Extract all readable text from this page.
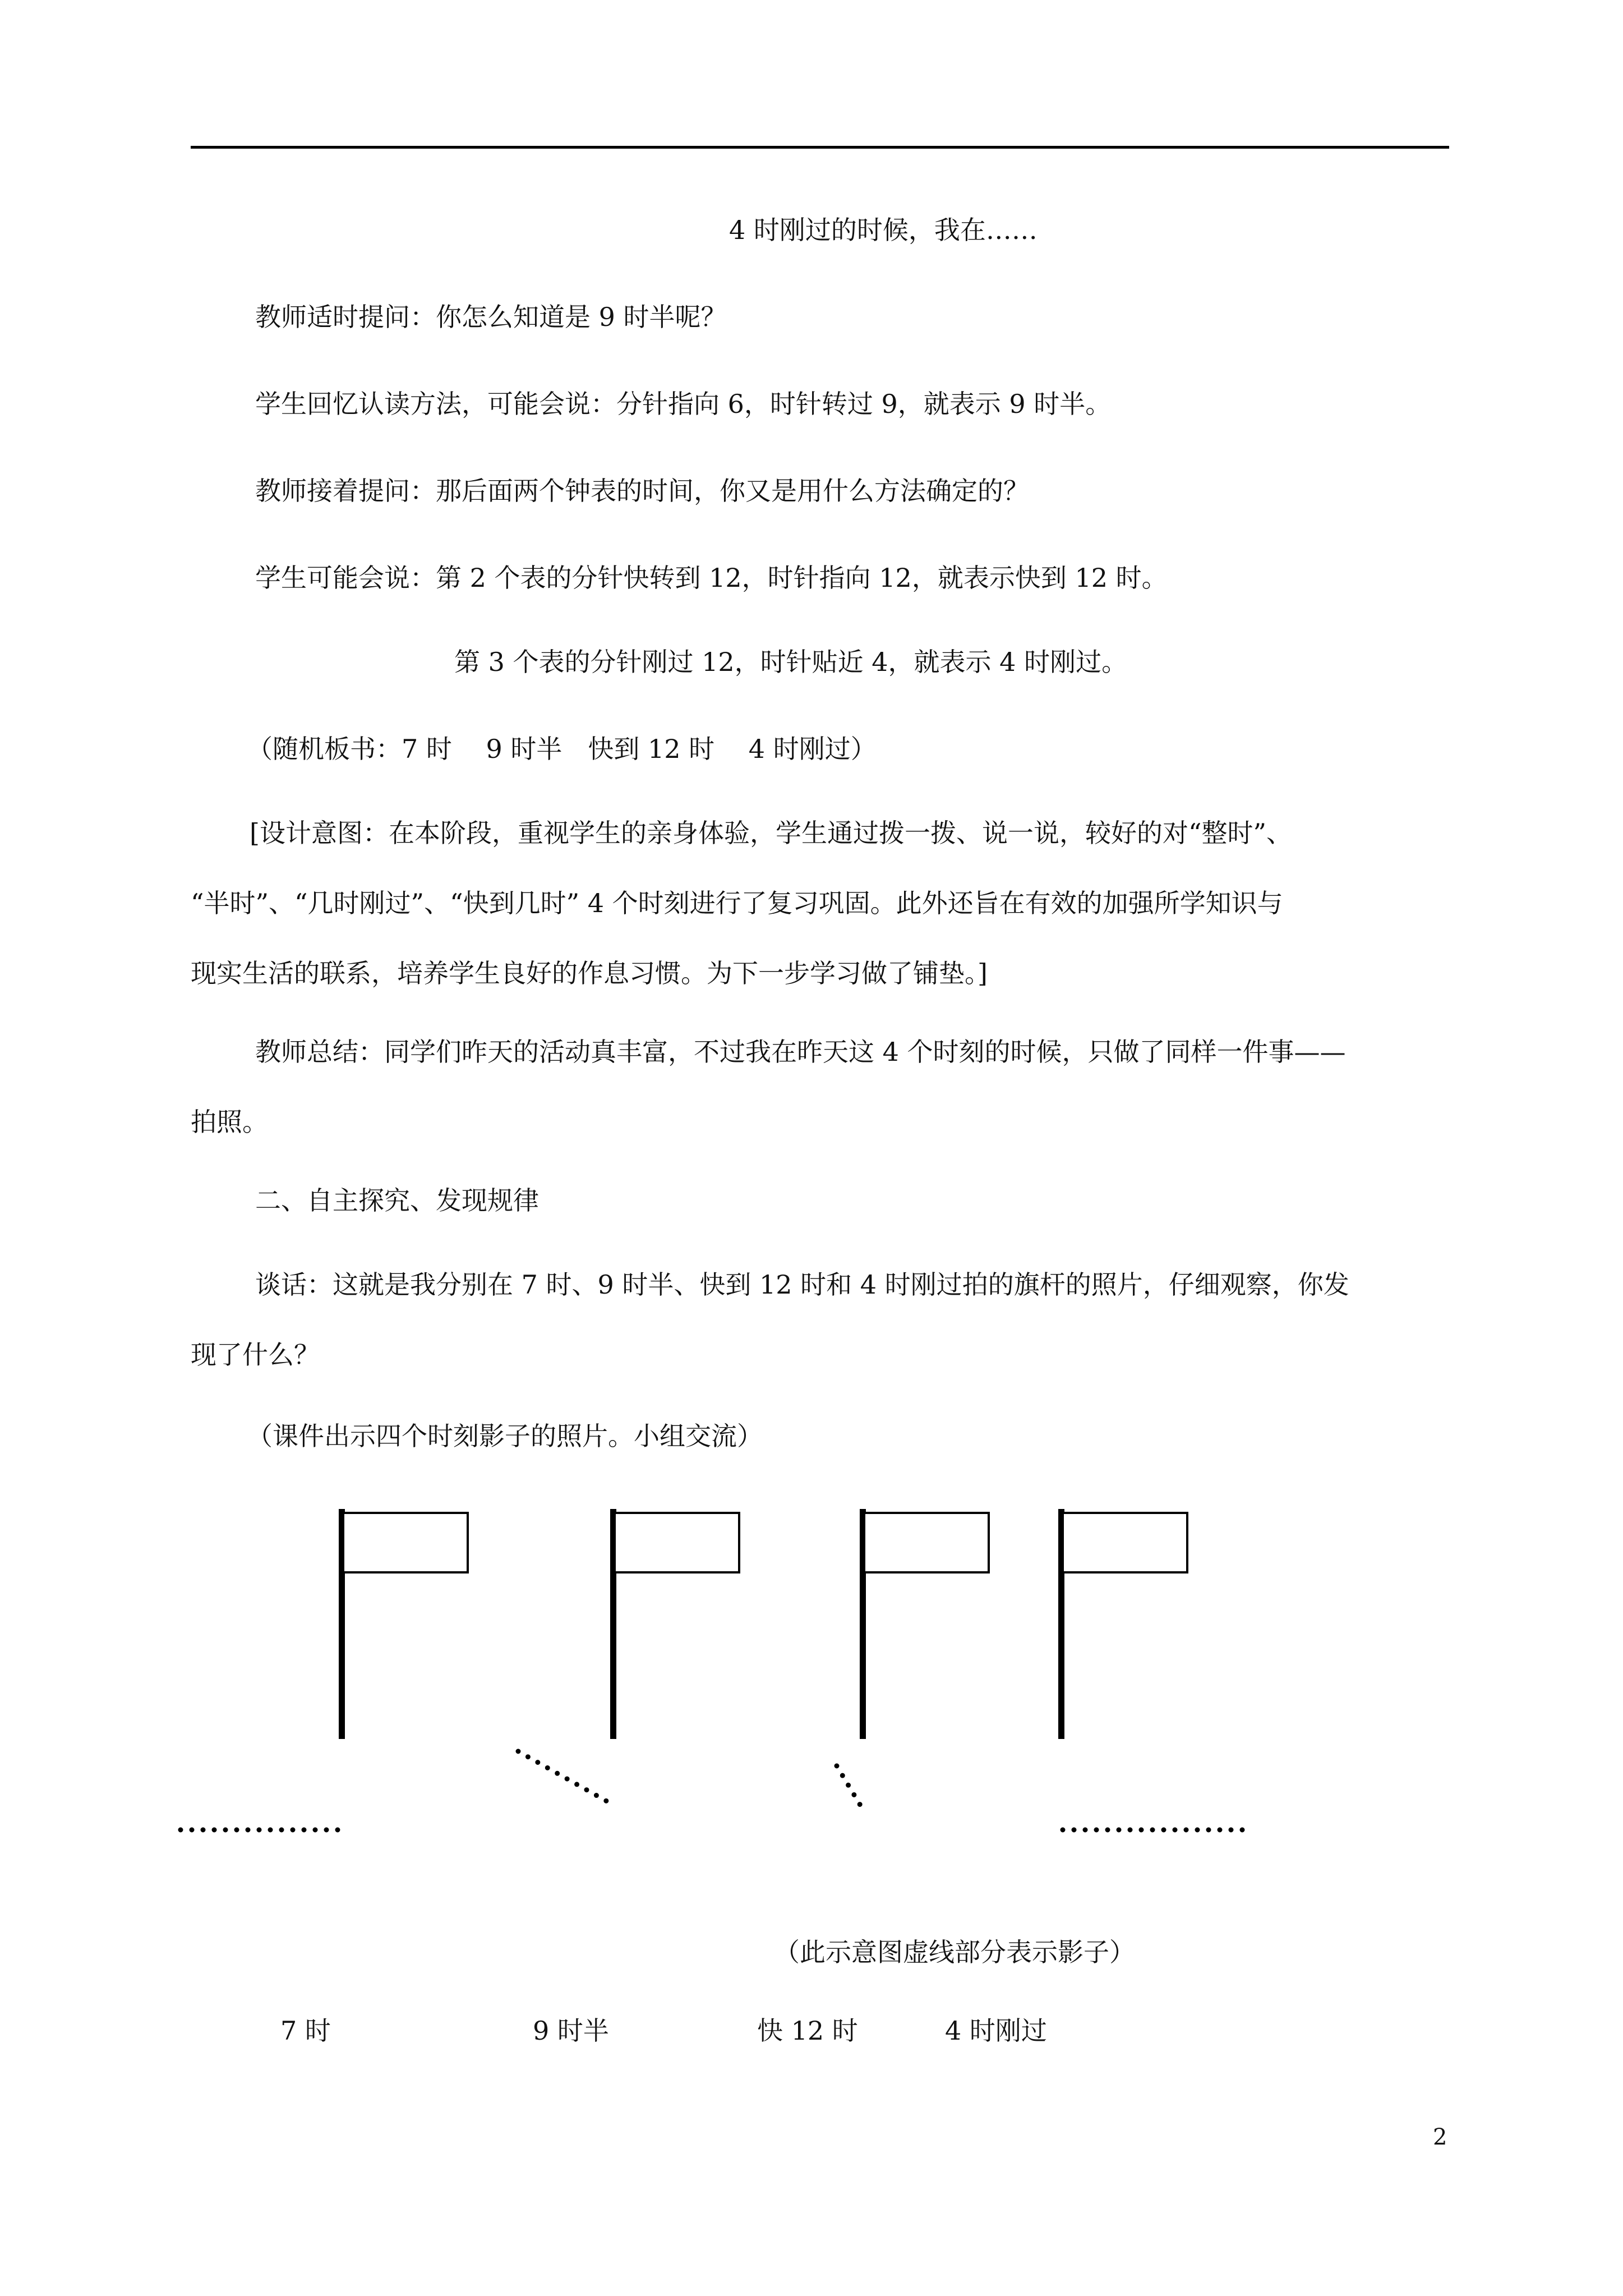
4 时刚过的时候，我在……
教师适时提问：你怎么知道是 9 时半呢？
学生回忆认读方法，可能会说：分针指向 6，时针转过 9，就表示 9 时半。
教师接着提问：那后面两个钟表的时间，你又是用什么方法确定的？
学生可能会说：第 2 个表的分针快转到 12，时针指向 12，就表示快到 12 时。
第 3 个表的分针刚过 12，时针贴近 4，就表示 4 时刚过。
（随机板书：7 时　 9 时半　快到 12 时　 4 时刚过）
[设计意图：在本阶段，重视学生的亲身体验，学生通过拨一拨、说一说，较好的对“整时”、
“半时”、“几时刚过”、“快到几时” 4 个时刻进行了复习巩固。此外还旨在有效的加强所学知识与
现实生活的联系，培养学生良好的作息习惯。为下一步学习做了铺垫。]
教师总结：同学们昨天的活动真丰富，不过我在昨天这 4 个时刻的时候，只做了同样一件事——
拍照。
二、自主探究、发现规律
谈话：这就是我分别在 7 时、9 时半、快到 12 时和 4 时刚过拍的旗杆的照片，仔细观察，你发
现了什么？
（课件出示四个时刻影子的照片。小组交流）
（此示意图虚线部分表示影子）
7 时	9 时半	快 12 时	4 时刚过
2
